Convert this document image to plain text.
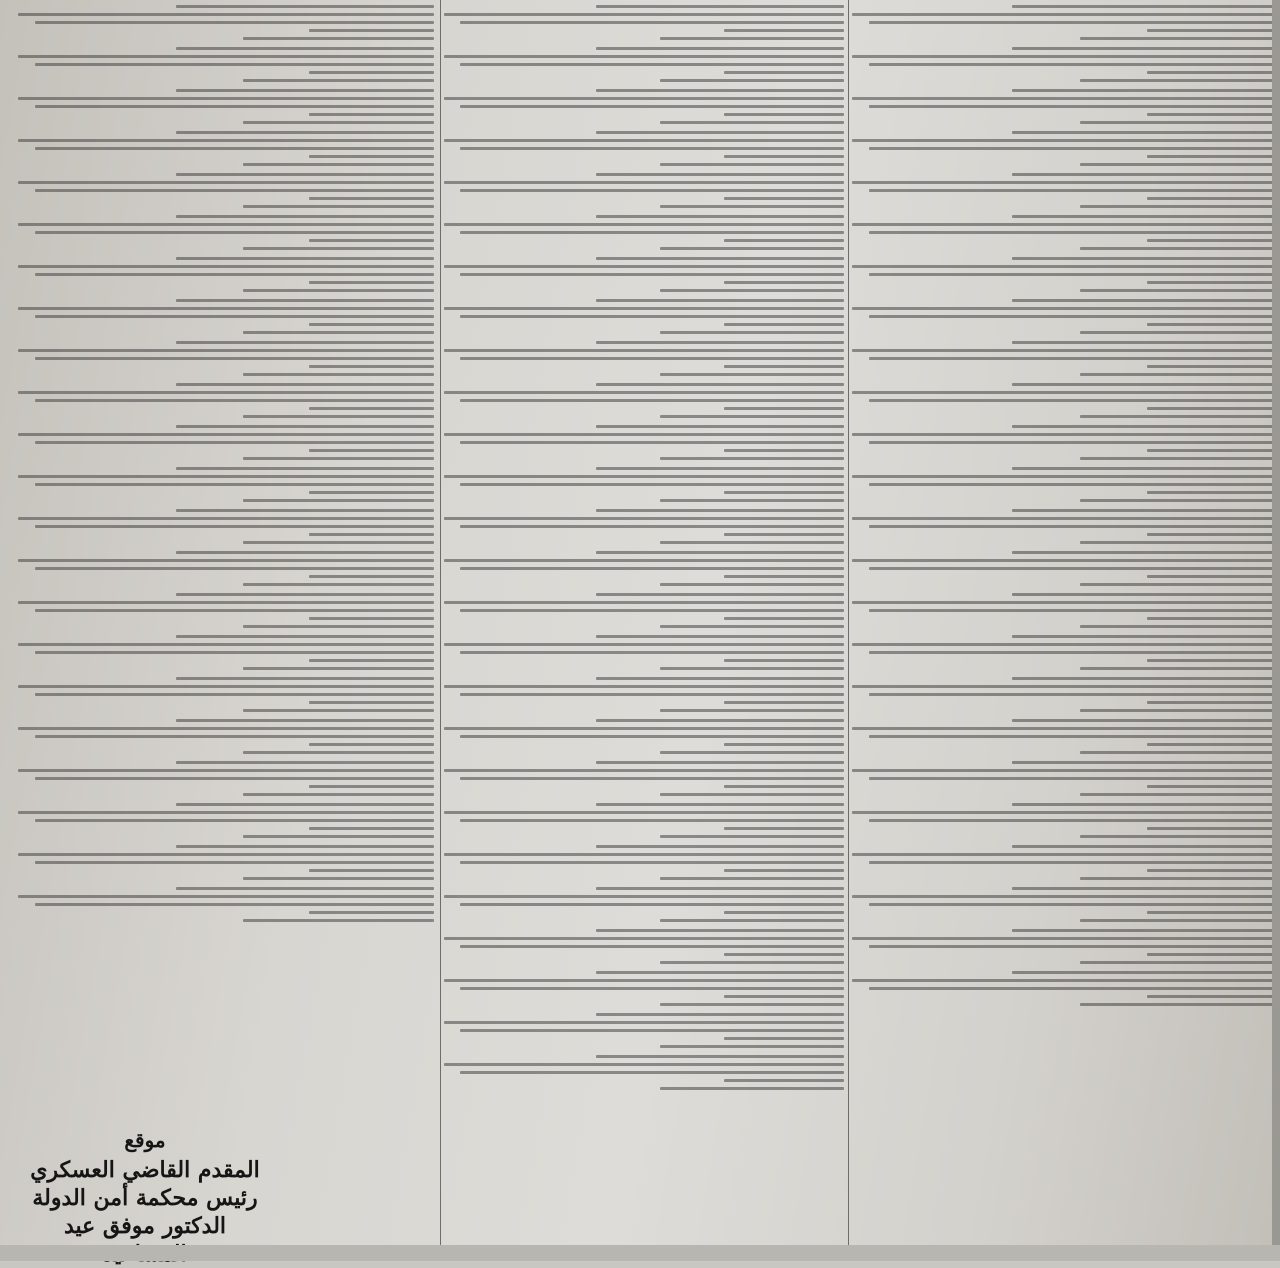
موقع
المقدم القاضي العسكري
رئيس محكمة أمن الدولة
الدكتور موفق عيد
